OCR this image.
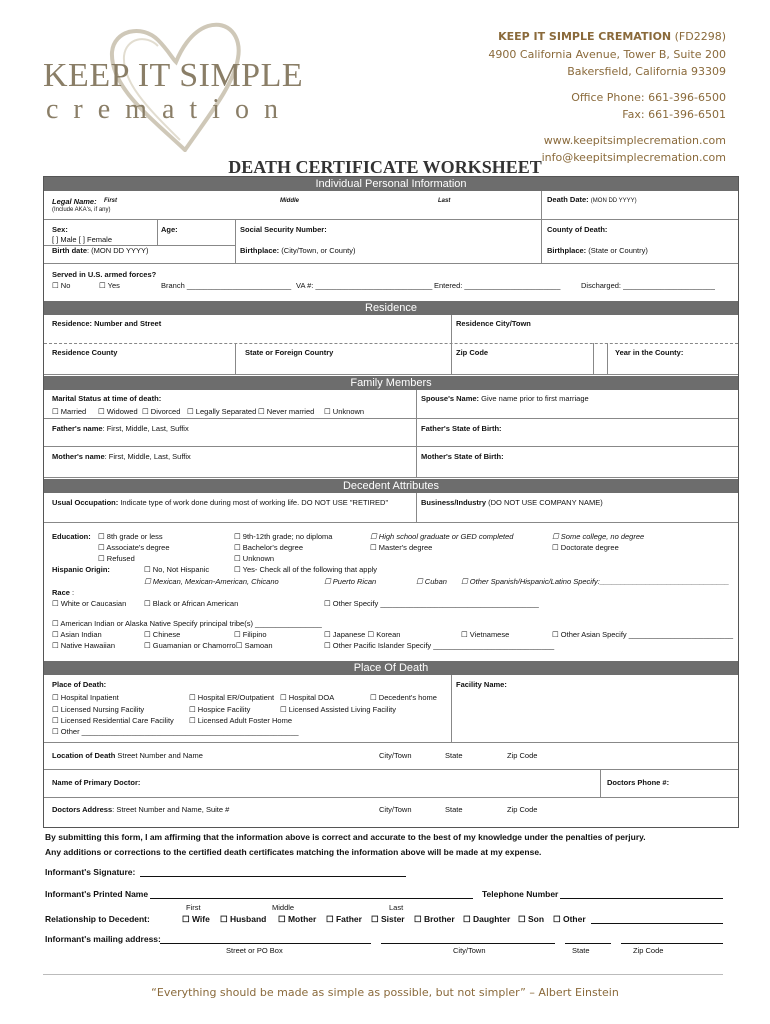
KEEP IT SIMPLE
cremation
KEEP IT SIMPLE CREMATION (FD2298)
4900 California Avenue, Tower B, Suite 200
Bakersfield, California 93309
Office Phone: 661-396-6500
Fax: 661-396-6501
www.keepitsimplecremation.com
info@keepitsimplecremation.com
DEATH CERTIFICATE WORKSHEET
Individual Personal Information
Legal Name: First	Middle	Last
(Include AKA's, if any)
Death Date: (MON DD YYYY)
Sex:
[ ] Male [ ] Female
Age:	Social Security Number:	County of Death:
Birth date: (MON DD YYYY)	Birthplace: (City/Town, or County)	Birthplace: (State or Country)
Served in U.S. armed forces?
☐ No	☐ Yes	Branch _________________________ VA #: ____________________________ Entered: _______________________	Discharged: ______________________
Residence
Residence: Number and Street	Residence City/Town
Residence County	State or Foreign Country	Zip Code	Year in the County:
Family Members
Marital Status at time of death:
☐ Married ☐ Widowed ☐ Divorced ☐ Legally Separated ☐ Never married ☐ Unknown
Spouse's Name: Give name prior to first marriage
Father's name: First, Middle, Last, Suffix	Father's State of Birth:
Mother's name: First, Middle, Last, Suffix	Mother's State of Birth:
Decedent Attributes
Usual Occupation: Indicate type of work done during most of working life. DO NOT USE "RETIRED"	Business/Industry (DO NOT USE COMPANY NAME)
Education: ☐ 8th grade or less	☐ 9th-12th grade; no diploma	☐ High school graduate or GED completed	☐ Some college, no degree
☐ Associate's degree	☐ Bachelor's degree	☐ Master's degree	☐ Doctorate degree
☐ Refused	☐ Unknown
Hispanic Origin:	☐ No, Not Hispanic	☐ Yes- Check all of the following that apply
☐ Mexican, Mexican-American, Chicano	☐ Puerto Rican	☐ Cuban ☐ Other Spanish/Hispanic/Latino Specify:_______________________________
Race :
☐ White or Caucasian ☐ Black or African American	☐ Other Specify ______________________________________
☐ American Indian or Alaska Native Specify principal tribe(s) ________________
☐ Asian Indian	☐ Chinese	☐ Filipino	☐ Japanese ☐ Korean	☐ Vietnamese	☐ Other Asian Specify _________________________
☐ Native Hawaiian	☐ Guamanian or Chamorro☐ Samoan	☐ Other Pacific Islander Specify _____________________________
Place Of Death
Place of Death:	Facility Name:
☐ Hospital Inpatient	☐ Hospital ER/Outpatient ☐ Hospital DOA	☐ Decedent's home
☐ Licensed Nursing Facility	☐ Hospice Facility	☐ Licensed Assisted Living Facility
☐ Licensed Residential Care Facility ☐ Licensed Adult Foster Home
☐ Other ____________________________________________________
Location of Death Street Number and Name	City/Town	State	Zip Code
Name of Primary Doctor:	Doctors Phone #:
Doctors Address: Street Number and Name, Suite #	City/Town	State	Zip Code
By submitting this form, I am affirming that the information above is correct and accurate to the best of my knowledge under the penalties of perjury.
Any additions or corrections to the certified death certificates matching the information above will be made at my expense.
Informant's Signature:
Informant's Printed Name	Telephone Number
First	Middle	Last
Relationship to Decedent:	☐ Wife ☐ Husband ☐ Mother ☐ Father ☐ Sister ☐ Brother ☐ Daughter ☐ Son ☐ Other
Informant's mailing address:
Street or PO Box	City/Town	State	Zip Code
“Everything should be made as simple as possible, but not simpler” – Albert Einstein
